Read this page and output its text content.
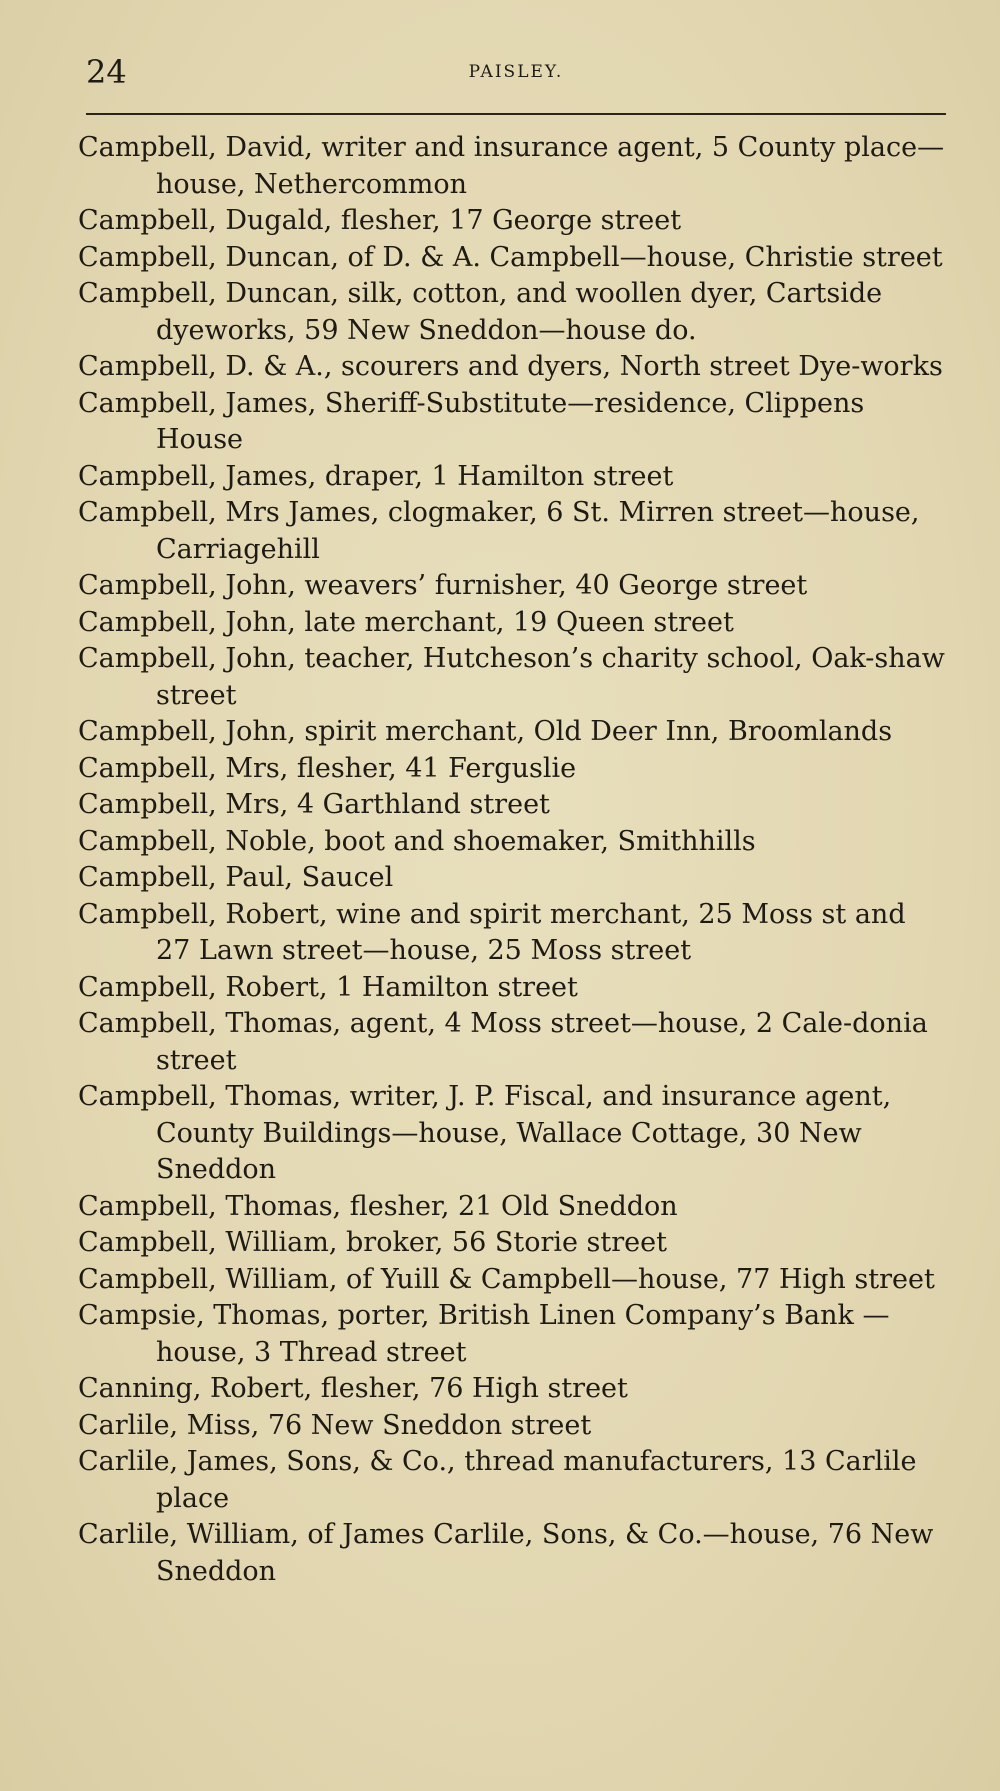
24	PAISLEY.
Campbell, David, writer and insurance agent, 5 County place—house, Nethercommon
Campbell, Dugald, flesher, 17 George street
Campbell, Duncan, of D. & A. Campbell—house, Christie street
Campbell, Duncan, silk, cotton, and woollen dyer, Cartside dyeworks, 59 New Sneddon—house do.
Campbell, D. & A., scourers and dyers, North street Dye-works
Campbell, James, Sheriff-Substitute—residence, Clippens House
Campbell, James, draper, 1 Hamilton street
Campbell, Mrs James, clogmaker, 6 St. Mirren street—house, Carriagehill
Campbell, John, weavers’ furnisher, 40 George street
Campbell, John, late merchant, 19 Queen street
Campbell, John, teacher, Hutcheson’s charity school, Oak-shaw street
Campbell, John, spirit merchant, Old Deer Inn, Broomlands
Campbell, Mrs, flesher, 41 Ferguslie
Campbell, Mrs, 4 Garthland street
Campbell, Noble, boot and shoemaker, Smithhills
Campbell, Paul, Saucel
Campbell, Robert, wine and spirit merchant, 25 Moss st and 27 Lawn street—house, 25 Moss street
Campbell, Robert, 1 Hamilton street
Campbell, Thomas, agent, 4 Moss street—house, 2 Cale-donia street
Campbell, Thomas, writer, J. P. Fiscal, and insurance agent, County Buildings—house, Wallace Cottage, 30 New Sneddon
Campbell, Thomas, flesher, 21 Old Sneddon
Campbell, William, broker, 56 Storie street
Campbell, William, of Yuill & Campbell—house, 77 High street
Campsie, Thomas, porter, British Linen Company’s Bank —house, 3 Thread street
Canning, Robert, flesher, 76 High street
Carlile, Miss, 76 New Sneddon street
Carlile, James, Sons, & Co., thread manufacturers, 13 Carlile place
Carlile, William, of James Carlile, Sons, & Co.—house, 76 New Sneddon
